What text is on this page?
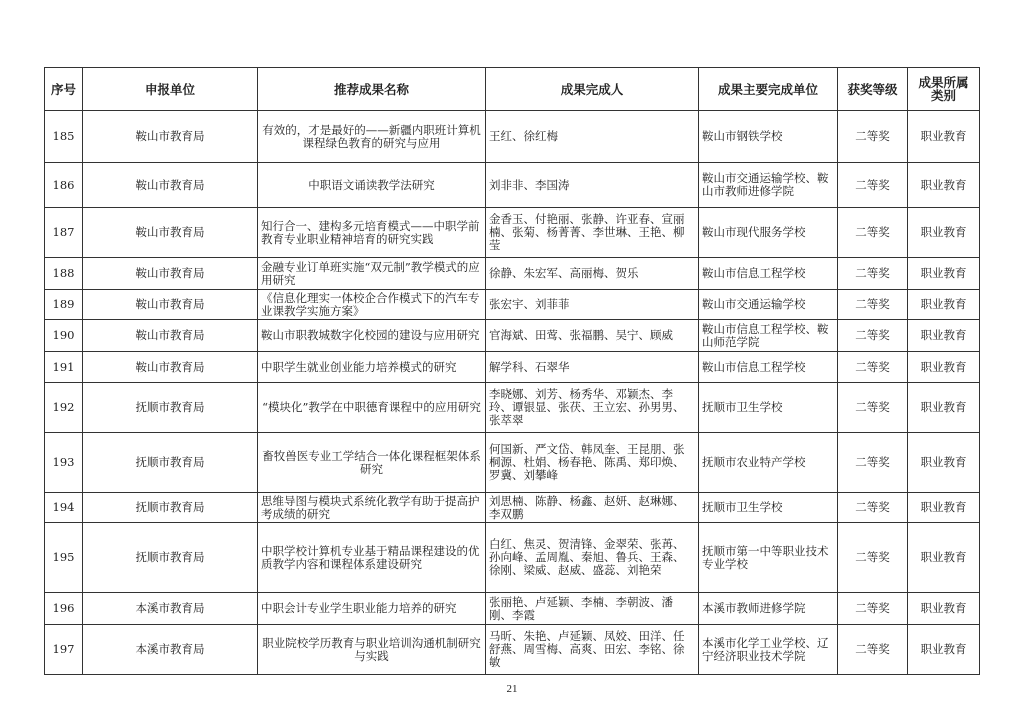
序号	申报单位	推荐成果名称	成果完成人	成果主要完成单位	获奖等级	成果所属类别
185	鞍山市教育局	有效的，才是最好的——新疆内职班计算机课程绿色教育的研究与应用	王红、徐红梅	鞍山市钢铁学校	二等奖	职业教育
186	鞍山市教育局	中职语文诵读教学法研究	刘非非、李国涛	鞍山市交通运输学校、鞍山市教师进修学院	二等奖	职业教育
187	鞍山市教育局	知行合一、建构多元培育模式——中职学前教育专业职业精神培育的研究实践	金香玉、付艳丽、张静、许亚春、宣丽楠、张菊、杨菁菁、李世琳、王艳、柳莹	鞍山市现代服务学校	二等奖	职业教育
188	鞍山市教育局	金融专业订单班实施“双元制”教学模式的应用研究	徐静、朱宏军、高丽梅、贺乐	鞍山市信息工程学校	二等奖	职业教育
189	鞍山市教育局	《信息化理实一体校企合作模式下的汽车专业课教学实施方案》	张宏宇、刘菲菲	鞍山市交通运输学校	二等奖	职业教育
190	鞍山市教育局	鞍山市职教城数字化校园的建设与应用研究	官海斌、田莺、张福鹏、吴宁、顾威	鞍山市信息工程学校、鞍山师范学院	二等奖	职业教育
191	鞍山市教育局	中职学生就业创业能力培养模式的研究	解学科、石翠华	鞍山市信息工程学校	二等奖	职业教育
192	抚顺市教育局	“模块化”教学在中职德育课程中的应用研究	李晓娜、刘芳、杨秀华、邓颖杰、李玲、谭银显、张茯、王立宏、孙男男、张萃翠	抚顺市卫生学校	二等奖	职业教育
193	抚顺市教育局	畜牧兽医专业工学结合一体化课程框架体系研究	何国新、严文岱、韩凤奎、王昆朋、张桐源、杜娟、杨春艳、陈禹、郑印焕、罗冀、刘攀峰	抚顺市农业特产学校	二等奖	职业教育
194	抚顺市教育局	思维导图与模块式系统化教学有助于提高护考成绩的研究	刘思楠、陈静、杨鑫、赵妍、赵琳娜、李双鹏	抚顺市卫生学校	二等奖	职业教育
195	抚顺市教育局	中职学校计算机专业基于精品课程建设的优质教学内容和课程体系建设研究	白红、焦灵、贺清锋、金翠荣、张苒、孙向峰、孟周胤、秦旭、鲁兵、王森、徐刚、梁威、赵威、盛蕊、刘艳荣	抚顺市第一中等职业技术专业学校	二等奖	职业教育
196	本溪市教育局	中职会计专业学生职业能力培养的研究	张丽艳、卢延颖、李楠、李朝波、潘刚、李霞	本溪市教师进修学院	二等奖	职业教育
197	本溪市教育局	职业院校学历教育与职业培训沟通机制研究与实践	马昕、朱艳、卢延颖、凤姣、田洋、任舒燕、周雪梅、高爽、田宏、李铭、徐敏	本溪市化学工业学校、辽宁经济职业技术学院	二等奖	职业教育
21
